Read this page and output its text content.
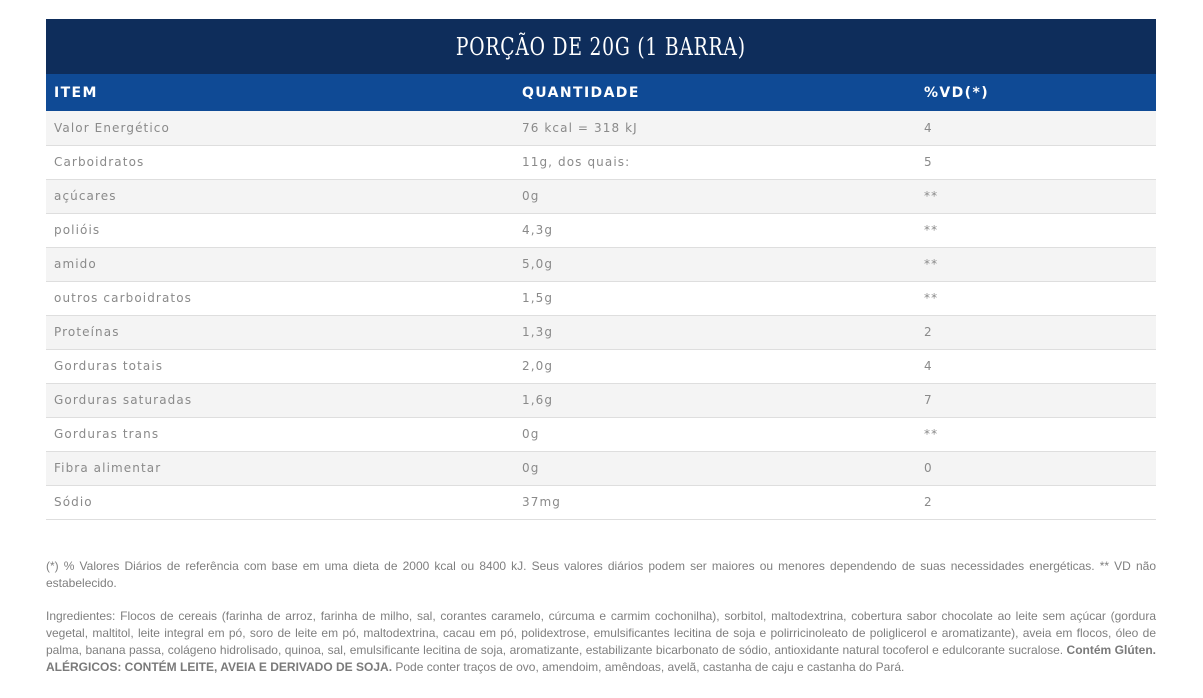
PORÇÃO DE 20G (1 BARRA)
ITEM	QUANTIDADE	%VD(*)
Valor Energético	76 kcal = 318 kJ	4
Carboidratos	11g, dos quais:	5
açúcares	0g	**
polióis	4,3g	**
amido	5,0g	**
outros carboidratos	1,5g	**
Proteínas	1,3g	2
Gorduras totais	2,0g	4
Gorduras saturadas	1,6g	7
Gorduras trans	0g	**
Fibra alimentar	0g	0
Sódio	37mg	2

(*) % Valores Diários de referência com base em uma dieta de 2000 kcal ou 8400 kJ. Seus valores diários podem ser maiores ou menores dependendo de suas necessidades energéticas. ** VD não estabelecido.

Ingredientes: Flocos de cereais (farinha de arroz, farinha de milho, sal, corantes caramelo, cúrcuma e carmim cochonilha), sorbitol, maltodextrina, cobertura sabor chocolate ao leite sem açúcar (gordura vegetal, maltitol, leite integral em pó, soro de leite em pó, maltodextrina, cacau em pó, polidextrose, emulsificantes lecitina de soja e polirricinoleato de poliglicerol e aromatizante), aveia em flocos, óleo de palma, banana passa, colágeno hidrolisado, quinoa, sal, emulsificante lecitina de soja, aromatizante, estabilizante bicarbonato de sódio, antioxidante natural tocoferol e edulcorante sucralose. Contém Glúten. ALÉRGICOS: CONTÉM LEITE, AVEIA E DERIVADO DE SOJA. Pode conter traços de ovo, amendoim, amêndoas, avelã, castanha de caju e castanha do Pará.
